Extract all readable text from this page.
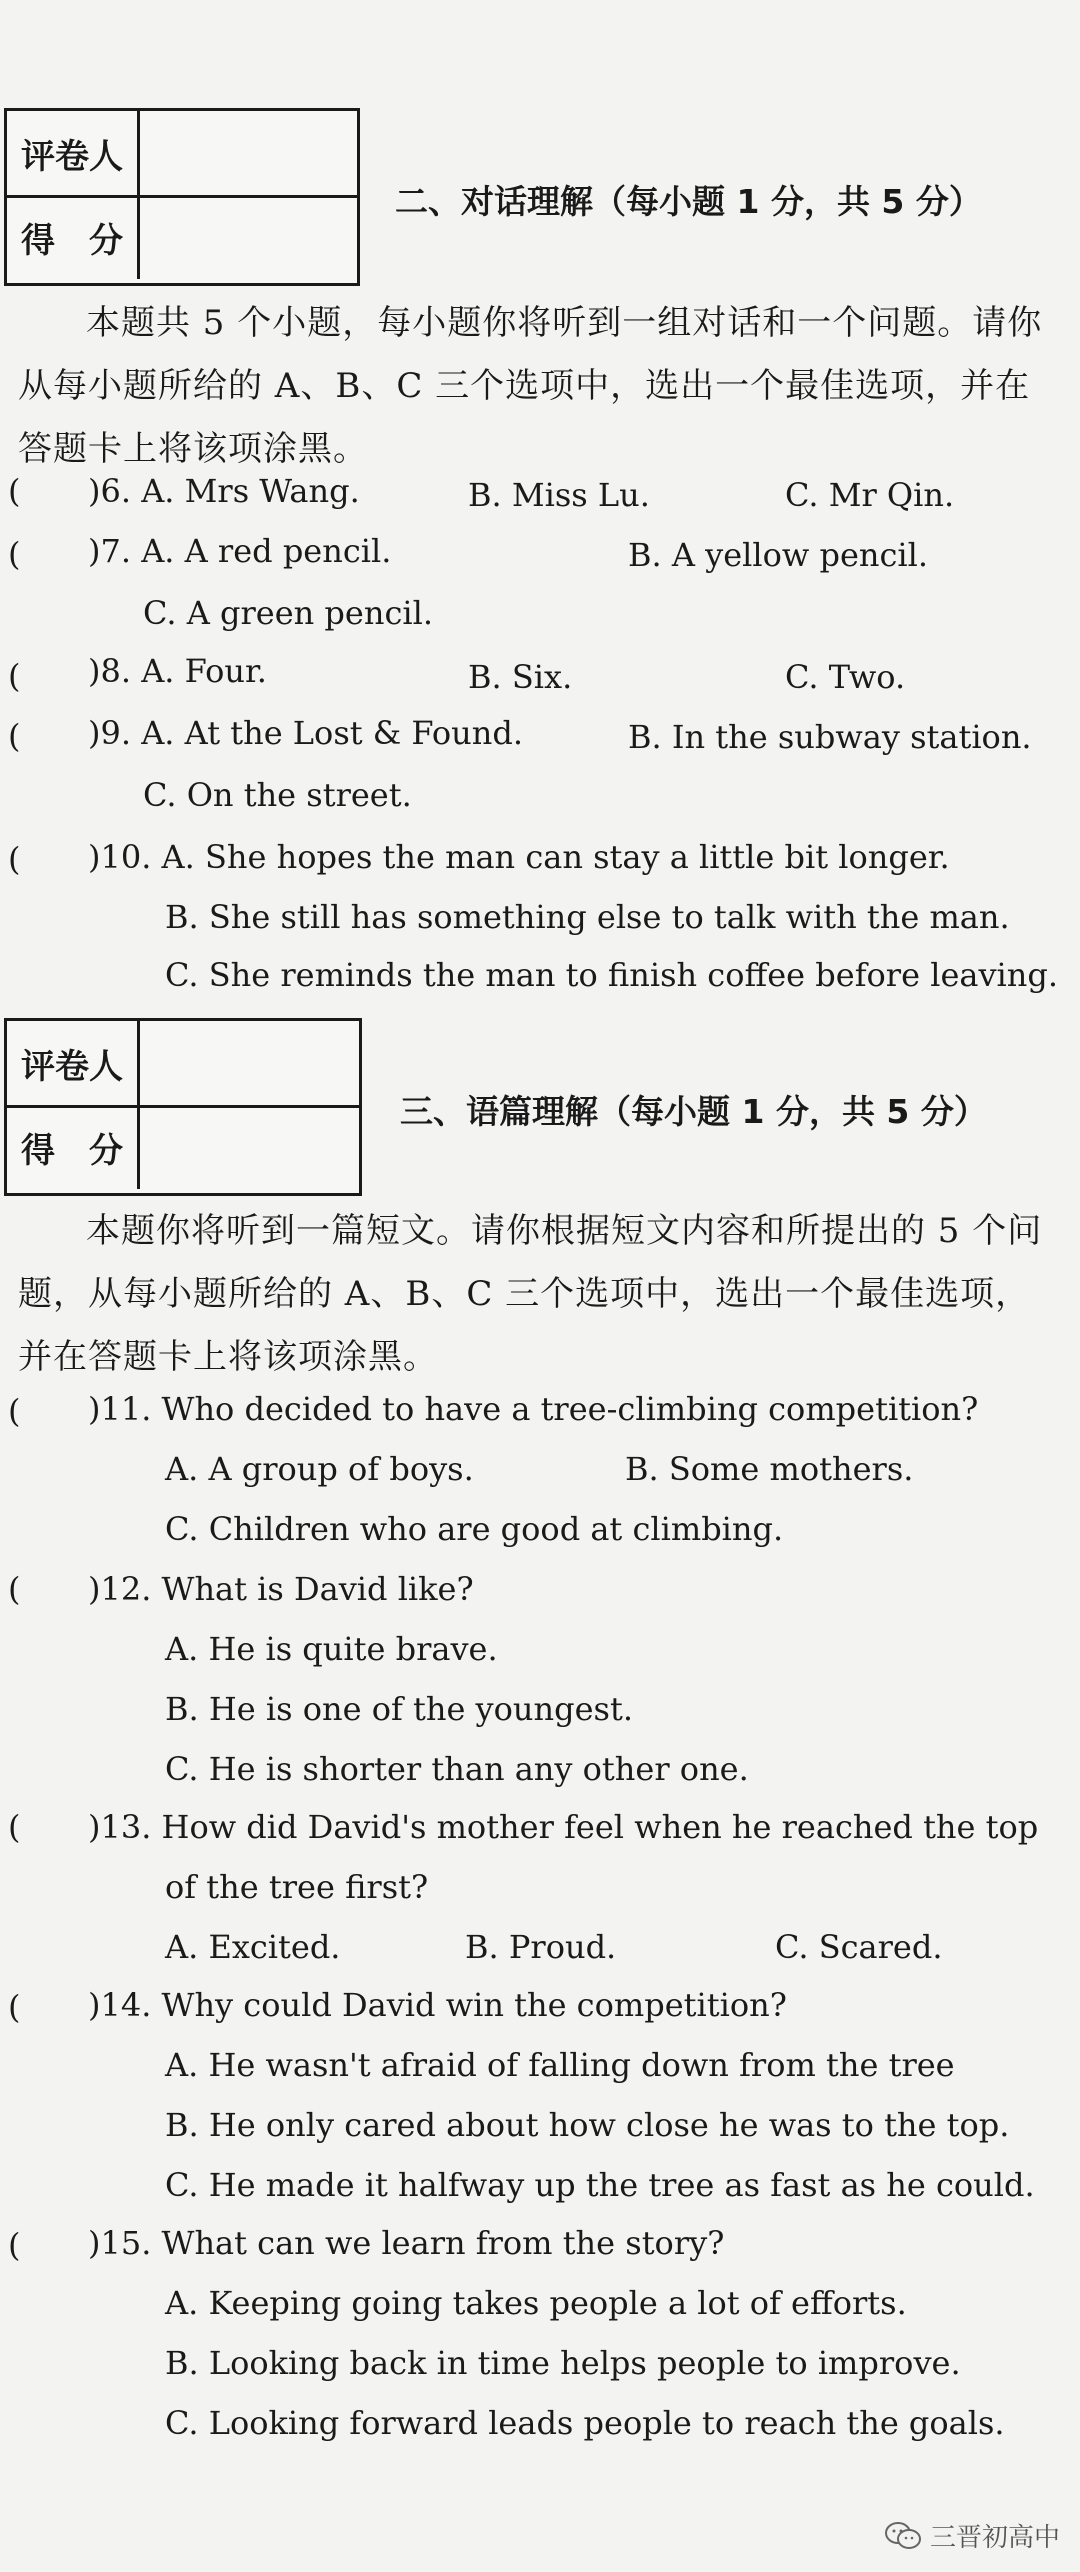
评卷人
得　分
二、对话理解（每小题 1 分，共 5 分）
本题共 5 个小题，每小题你将听到一组对话和一个问题。请你从每小题所给的 A、B、C 三个选项中，选出一个最佳选项，并在答题卡上将该项涂黑。
( )6. A. Mrs Wang.	B. Miss Lu.	C. Mr Qin.
( )7. A. A red pencil.	B. A yellow pencil.
C. A green pencil.
( )8. A. Four.	B. Six.	C. Two.
( )9. A. At the Lost & Found.	B. In the subway station.
C. On the street.
( )10. A. She hopes the man can stay a little bit longer.
B. She still has something else to talk with the man.
C. She reminds the man to finish coffee before leaving.
评卷人
得　分
三、语篇理解（每小题 1 分，共 5 分）
本题你将听到一篇短文。请你根据短文内容和所提出的 5 个问题，从每小题所给的 A、B、C 三个选项中，选出一个最佳选项，并在答题卡上将该项涂黑。
( )11. Who decided to have a tree-climbing competition?
A. A group of boys.	B. Some mothers.
C. Children who are good at climbing.
( )12. What is David like?
A. He is quite brave.
B. He is one of the youngest.
C. He is shorter than any other one.
( )13. How did David's mother feel when he reached the top
of the tree first?
A. Excited.	B. Proud.	C. Scared.
( )14. Why could David win the competition?
A. He wasn't afraid of falling down from the tree
B. He only cared about how close he was to the top.
C. He made it halfway up the tree as fast as he could.
( )15. What can we learn from the story?
A. Keeping going takes people a lot of efforts.
B. Looking back in time helps people to improve.
C. Looking forward leads people to reach the goals.
三晋初高中
